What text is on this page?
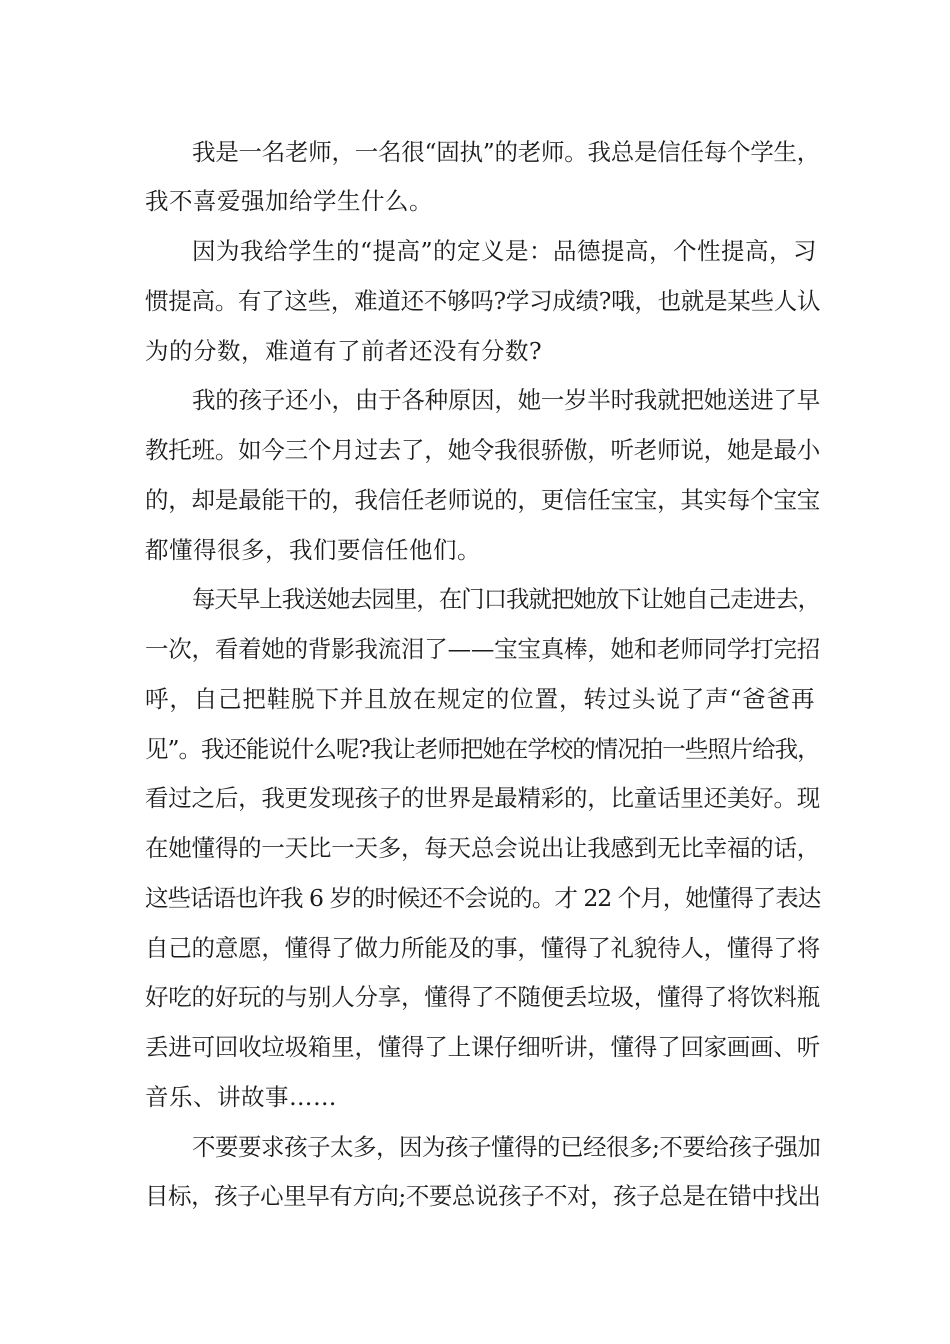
我是一名老师，一名很“固执”的老师。我总是信任每个学生，
我不喜爱强加给学生什么。
因为我给学生的“提高”的定义是：品德提高，个性提高，习
惯提高。有了这些，难道还不够吗?学习成绩?哦，也就是某些人认
为的分数，难道有了前者还没有分数?
我的孩子还小，由于各种原因，她一岁半时我就把她送进了早
教托班。如今三个月过去了，她令我很骄傲，听老师说，她是最小
的，却是最能干的，我信任老师说的，更信任宝宝，其实每个宝宝
都懂得很多，我们要信任他们。
每天早上我送她去园里，在门口我就把她放下让她自己走进去，
一次，看着她的背影我流泪了——宝宝真棒，她和老师同学打完招
呼，自己把鞋脱下并且放在规定的位置，转过头说了声“爸爸再
见”。我还能说什么呢?我让老师把她在学校的情况拍一些照片给我，
看过之后，我更发现孩子的世界是最精彩的，比童话里还美好。现
在她懂得的一天比一天多，每天总会说出让我感到无比幸福的话，
这些话语也许我 6 岁的时候还不会说的。才 22 个月，她懂得了表达
自己的意愿，懂得了做力所能及的事，懂得了礼貌待人，懂得了将
好吃的好玩的与别人分享，懂得了不随便丢垃圾，懂得了将饮料瓶
丢进可回收垃圾箱里，懂得了上课仔细听讲，懂得了回家画画、听
音乐、讲故事……
不要要求孩子太多，因为孩子懂得的已经很多;不要给孩子强加
目标，孩子心里早有方向;不要总说孩子不对，孩子总是在错中找出
